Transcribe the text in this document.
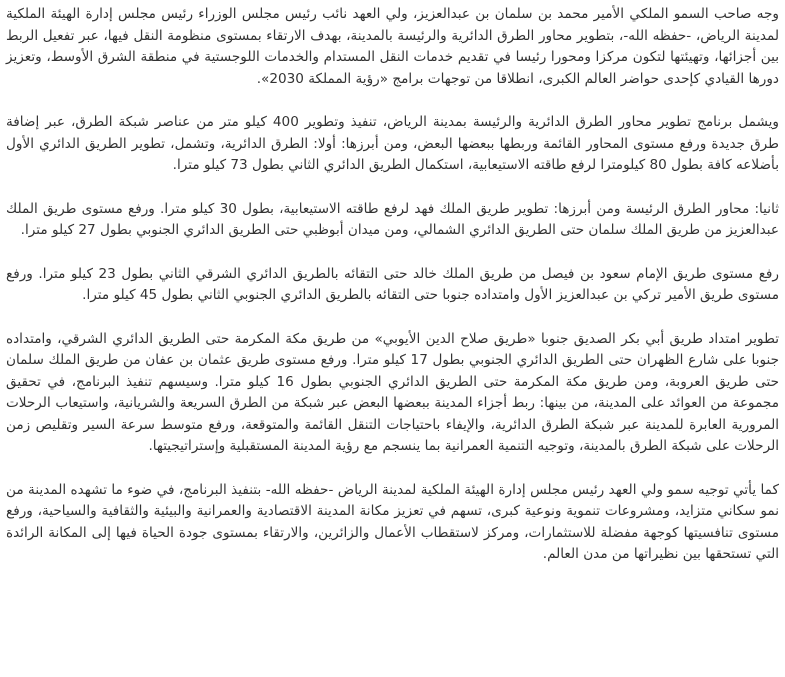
وجه صاحب السمو الملكي الأمير محمد بن سلمان بن عبدالعزيز، ولي العهد نائب رئيس مجلس الوزراء رئيس مجلس إدارة الهيئة الملكية لمدينة الرياض، -حفظه الله-، بتطوير محاور الطرق الدائرية والرئيسة بالمدينة، بهدف الارتقاء بمستوى منظومة النقل فيها، عبر تفعيل الربط بين أجزائها، وتهيئتها لتكون مركزا ومحورا رئيسا في تقديم خدمات النقل المستدام والخدمات اللوجستية في منطقة الشرق الأوسط، وتعزيز دورها القيادي كإحدى حواضر العالم الكبرى، انطلاقا من توجهات برامج «رؤية المملكة 2030».

ويشمل برنامج تطوير محاور الطرق الدائرية والرئيسة بمدينة الرياض، تنفيذ وتطوير 400 كيلو متر من عناصر شبكة الطرق، عبر إضافة طرق جديدة ورفع مستوى المحاور القائمة وربطها ببعضها البعض، ومن أبرزها: أولا: الطرق الدائرية، وتشمل، تطوير الطريق الدائري الأول بأضلاعه كافة بطول 80 كيلومترا لرفع طاقته الاستيعابية، استكمال الطريق الدائري الثاني بطول 73 كيلو مترا.

ثانيا: محاور الطرق الرئيسة ومن أبرزها: تطوير طريق الملك فهد لرفع طاقته الاستيعابية، بطول 30 كيلو مترا. ورفع مستوى طريق الملك عبدالعزيز من طريق الملك سلمان حتى الطريق الدائري الشمالي، ومن ميدان أبوظبي حتى الطريق الدائري الجنوبي بطول 27 كيلو مترا.

رفع مستوى طريق الإمام سعود بن فيصل من طريق الملك خالد حتى التقائه بالطريق الدائري الشرقي الثاني بطول 23 كيلو مترا. ورفع مستوى طريق الأمير تركي بن عبدالعزيز الأول وامتداده جنوبا حتى التقائه بالطريق الدائري الجنوبي الثاني بطول 45 كيلو مترا.

تطوير امتداد طريق أبي بكر الصديق جنوبا «طريق صلاح الدين الأيوبي» من طريق مكة المكرمة حتى الطريق الدائري الشرقي، وامتداده جنوبا على شارع الظهران حتى الطريق الدائري الجنوبي بطول 17 كيلو مترا. ورفع مستوى طريق عثمان بن عفان من طريق الملك سلمان حتى طريق العروبة، ومن طريق مكة المكرمة حتى الطريق الدائري الجنوبي بطول 16 كيلو مترا. وسيسهم تنفيذ البرنامج، في تحقيق مجموعة من العوائد على المدينة، من بينها: ربط أجزاء المدينة ببعضها البعض عبر شبكة من الطرق السريعة والشريانية، واستيعاب الرحلات المرورية العابرة للمدينة عبر شبكة الطرق الدائرية، والإيفاء باحتياجات التنقل القائمة والمتوقعة، ورفع متوسط سرعة السير وتقليص زمن الرحلات على شبكة الطرق بالمدينة، وتوجيه التنمية العمرانية بما ينسجم مع رؤية المدينة المستقبلية وإستراتيجيتها.

كما يأتي توجيه سمو ولي العهد رئيس مجلس إدارة الهيئة الملكية لمدينة الرياض -حفظه الله- بتنفيذ البرنامج، في ضوء ما تشهده المدينة من نمو سكاني متزايد، ومشروعات تنموية ونوعية كبرى، تسهم في تعزيز مكانة المدينة الاقتصادية والعمرانية والبيئية والثقافية والسياحية، ورفع مستوى تنافسيتها كوجهة مفضلة للاستثمارات، ومركز لاستقطاب الأعمال والزائرين، والارتقاء بمستوى جودة الحياة فيها إلى المكانة الرائدة التي تستحقها بين نظيراتها من مدن العالم.
